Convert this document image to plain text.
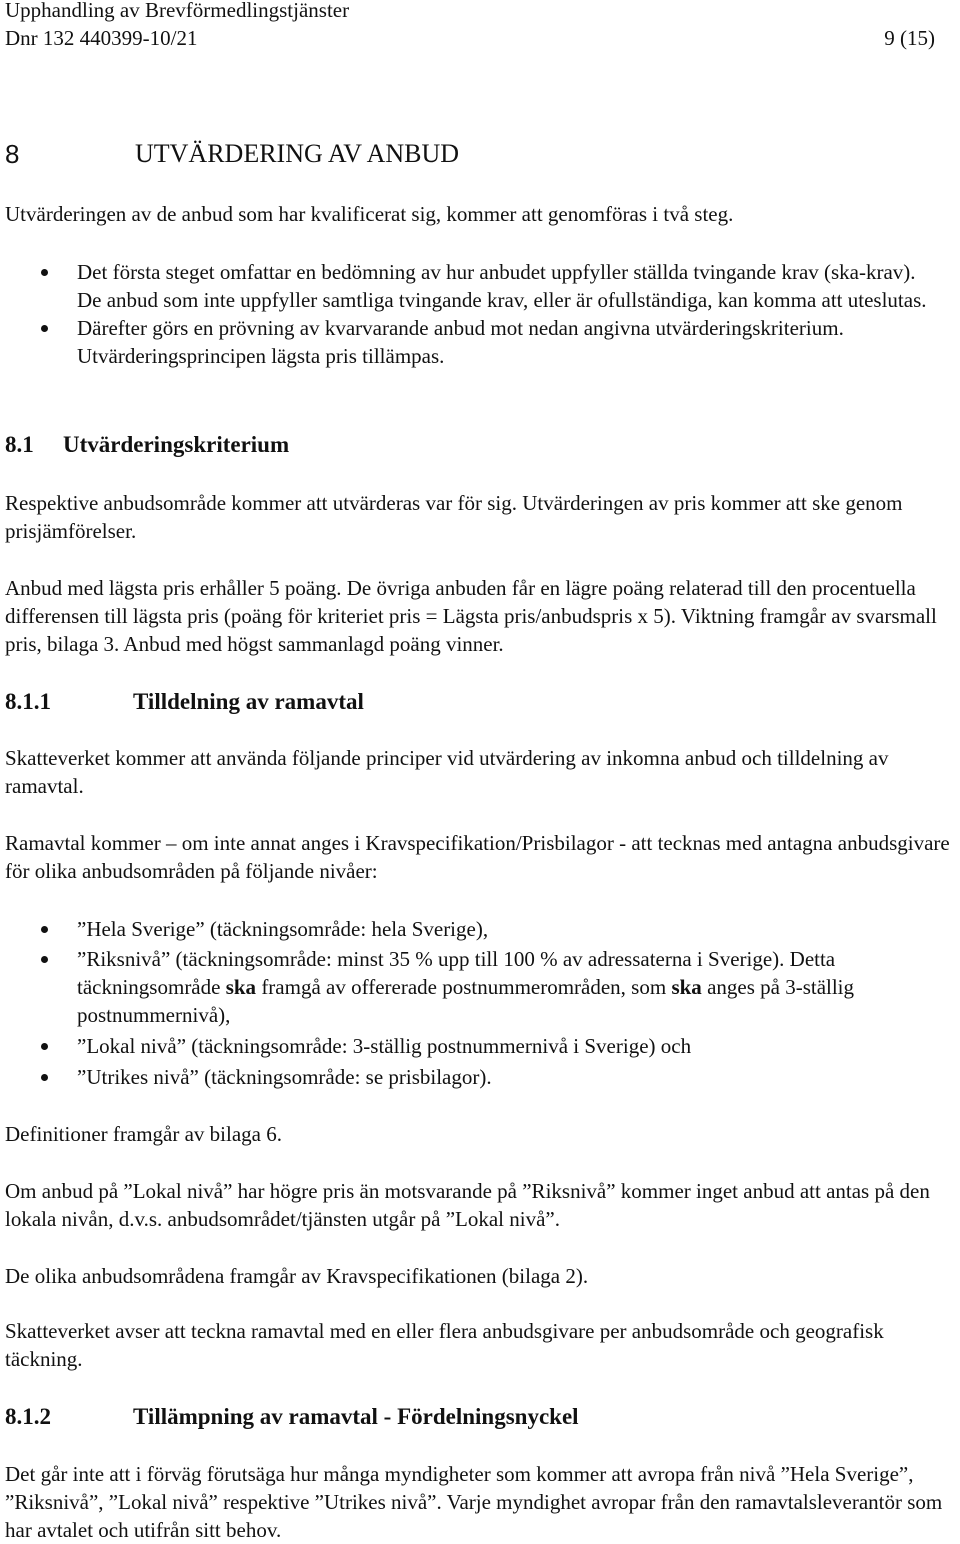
Upphandling av Brevförmedlingstjänster
Dnr 132 440399-10/21	9 (15)
8	UTVÄRDERING AV ANBUD

Utvärderingen av de anbud som har kvalificerat sig, kommer att genomföras i två steg.

Det första steget omfattar en bedömning av hur anbudet uppfyller ställda tvingande krav (ska-krav). De anbud som inte uppfyller samtliga tvingande krav, eller är ofullständiga, kan komma att uteslutas.
Därefter görs en prövning av kvarvarande anbud mot nedan angivna utvärderingskriterium. Utvärderingsprincipen lägsta pris tillämpas.
8.1	Utvärderingskriterium

Respektive anbudsområde kommer att utvärderas var för sig. Utvärderingen av pris kommer att ske genom prisjämförelser.

Anbud med lägsta pris erhåller 5 poäng. De övriga anbuden får en lägre poäng relaterad till den procentuella differensen till lägsta pris (poäng för kriteriet pris = Lägsta pris/anbudspris x 5). Viktning framgår av svarsmall pris, bilaga 3. Anbud med högst sammanlagd poäng vinner.

8.1.1	Tilldelning av ramavtal

Skatteverket kommer att använda följande principer vid utvärdering av inkomna anbud och tilldelning av ramavtal.

Ramavtal kommer – om inte annat anges i Kravspecifikation/Prisbilagor - att tecknas med antagna anbudsgivare för olika anbudsområden på följande nivåer:

”Hela Sverige” (täckningsområde: hela Sverige),
”Riksnivå” (täckningsområde: minst 35 % upp till 100 % av adressaterna i Sverige). Detta täckningsområde ska framgå av offererade postnummerområden, som ska anges på 3-ställig postnummernivå),
”Lokal nivå” (täckningsområde: 3-ställig postnummernivå i Sverige) och
”Utrikes nivå” (täckningsområde: se prisbilagor).

Definitioner framgår av bilaga 6.

Om anbud på ”Lokal nivå” har högre pris än motsvarande på ”Riksnivå” kommer inget anbud att antas på den lokala nivån, d.v.s. anbudsområdet/tjänsten utgår på ”Lokal nivå”.

De olika anbudsområdena framgår av Kravspecifikationen (bilaga 2).

Skatteverket avser att teckna ramavtal med en eller flera anbudsgivare per anbudsområde och geografisk täckning.

8.1.2	Tillämpning av ramavtal - Fördelningsnyckel

Det går inte att i förväg förutsäga hur många myndigheter som kommer att avropa från nivå ”Hela Sverige”, ”Riksnivå”, ”Lokal nivå” respektive ”Utrikes nivå”. Varje myndighet avropar från den ramavtalsleverantör som har avtalet och utifrån sitt behov.
